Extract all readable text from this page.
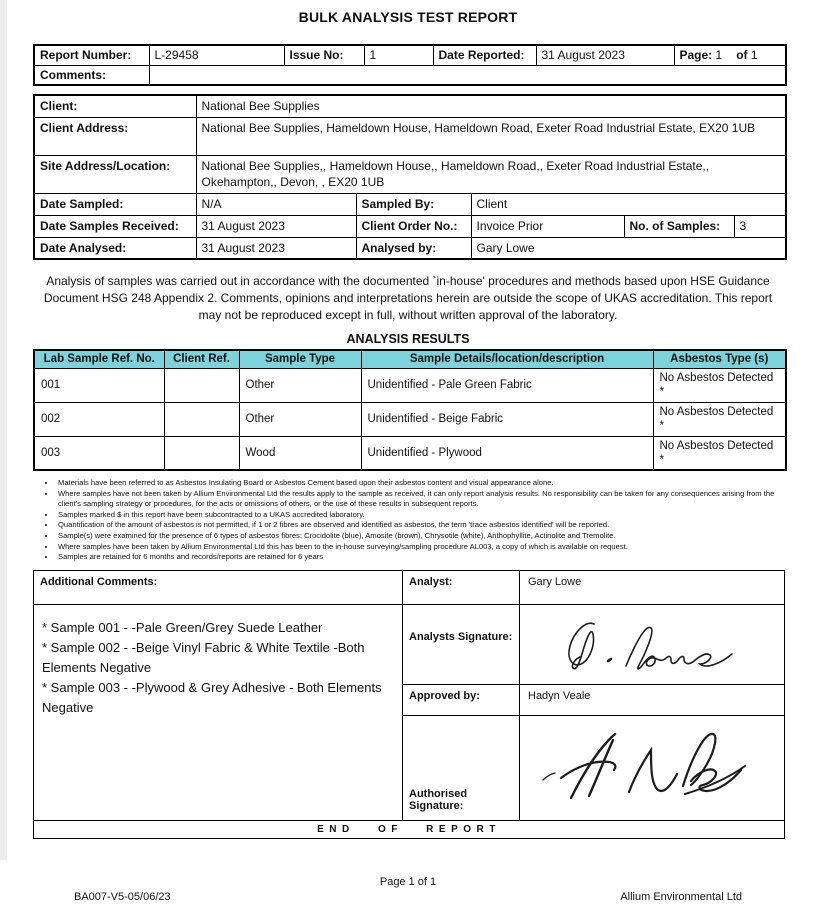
BULK ANALYSIS TEST REPORT
Report Number:	L-29458	Issue No:	1	Date Reported:	31 August 2023	Page: 1 of 1
Comments:						
Client:	National Bee Supplies				
Client Address:	National Bee Supplies, Hameldown House, Hameldown Road, Exeter Road Industrial Estate, EX20 1UB				
Site Address/Location:	National Bee Supplies,, Hameldown House,, Hameldown Road,, Exeter Road Industrial Estate,, Okehampton,, Devon, , EX20 1UB				
Date Sampled:	N/A	Sampled By:	Client		
Date Samples Received:	31 August 2023	Client Order No.:	Invoice Prior	No. of Samples:	3
Date Analysed:	31 August 2023	Analysed by:	Gary Lowe		
Analysis of samples was carried out in accordance with the documented `in-house' procedures and methods based upon HSE Guidance Document HSG 248 Appendix 2. Comments, opinions and interpretations herein are outside the scope of UKAS accreditation. This report may not be reproduced except in full, without written approval of the laboratory.
ANALYSIS RESULTS
Lab Sample Ref. No.	Client Ref.	Sample Type	Sample Details/location/description	Asbestos Type (s)
001		Other	Unidentified - Pale Green Fabric	No Asbestos Detected
*
002		Other	Unidentified - Beige Fabric	No Asbestos Detected
*
003		Wood	Unidentified - Plywood	No Asbestos Detected
*
• Materials have been referred to as Asbestos Insulating Board or Asbestos Cement based upon their asbestos content and visual appearance alone.
• Where samples have not been taken by Allium Environmental Ltd the results apply to the sample as received, it can only report analysis results. No responsibility can be taken for any consequences arising from the client's sampling strategy or procedures, for the acts or omissions of others, or the use of these results in subsequent reports.
• Samples marked $ in this report have been subcontracted to a UKAS accredited laboratory.
• Quantification of the amount of asbestos is not permitted, if 1 or 2 fibres are observed and identified as asbestos, the term 'trace asbestos identified' will be reported.
• Sample(s) were examined for the presence of 6 types of asbestos fibres: Crocidolite (blue), Amosite (brown), Chrysotile (white), Anthophyllite, Actinolite and Tremolite.
• Where samples have been taken by Allium Environmental Ltd this has been to the in-house surveying/sampling procedure AL003, a copy of which is available on request.
• Samples are retained for 6 months and records/reports are retained for 6 years
Additional Comments:
* Sample 001 - -Pale Green/Grey Suede Leather
* Sample 002 - -Beige Vinyl Fabric & White Textile -Both Elements Negative
* Sample 003 - -Plywood & Grey Adhesive - Both Elements Negative
Analyst:	Gary Lowe
Analysts Signature:
Approved by:	Hadyn Veale
Authorised Signature:
END OF REPORT
Page 1 of 1
BA007-V5-05/06/23	Allium Environmental Ltd
